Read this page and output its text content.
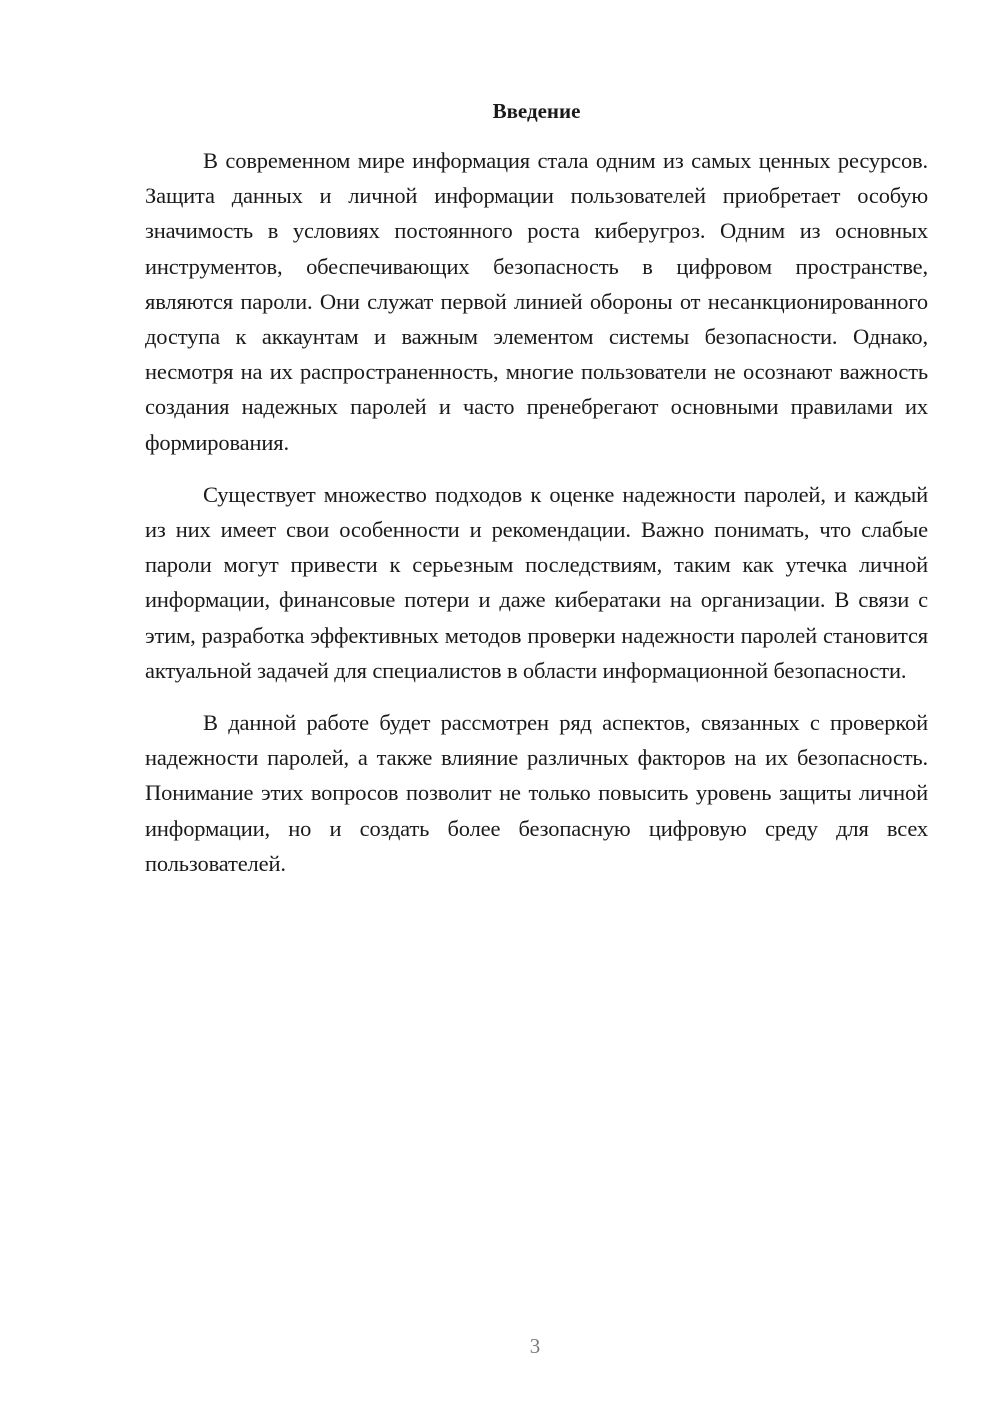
Введение

В современном мире информация стала одним из самых ценных ресурсов. Защита данных и личной информации пользователей приобретает особую значимость в условиях постоянного роста киберугроз. Одним из основных инструментов, обеспечивающих безопасность в цифровом пространстве, являются пароли. Они служат первой линией обороны от несанкционированного доступа к аккаунтам и важным элементом системы безопасности. Однако, несмотря на их распространенность, многие пользователи не осознают важность создания надежных паролей и часто пренебрегают основными правилами их формирования.

Существует множество подходов к оценке надежности паролей, и каждый из них имеет свои особенности и рекомендации. Важно понимать, что слабые пароли могут привести к серьезным последствиям, таким как утечка личной информации, финансовые потери и даже кибератаки на организации. В связи с этим, разработка эффективных методов проверки надежности паролей становится актуальной задачей для специалистов в области информационной безопасности.

В данной работе будет рассмотрен ряд аспектов, связанных с проверкой надежности паролей, а также влияние различных факторов на их безопасность. Понимание этих вопросов позволит не только повысить уровень защиты личной информации, но и создать более безопасную цифровую среду для всех пользователей.

3
